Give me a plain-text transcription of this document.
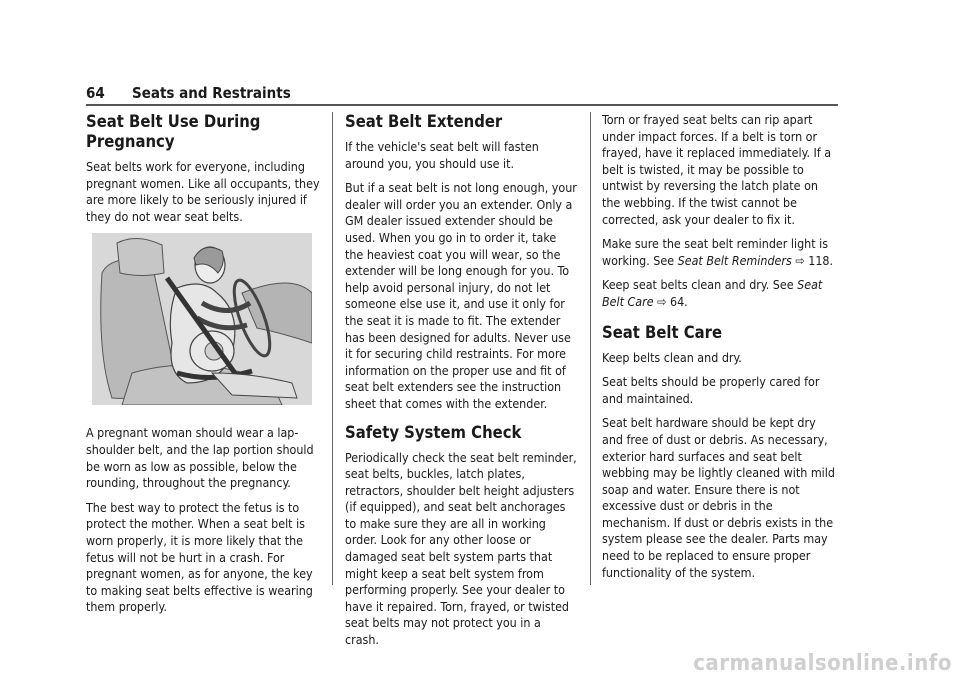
64 Seats and Restraints
Seat Belt Use During Pregnancy

Seat belts work for everyone, including pregnant women. Like all occupants, they are more likely to be seriously injured if they do not wear seat belts.

A pregnant woman should wear a lap-shoulder belt, and the lap portion should be worn as low as possible, below the rounding, throughout the pregnancy.

The best way to protect the fetus is to protect the mother. When a seat belt is worn properly, it is more likely that the fetus will not be hurt in a crash. For pregnant women, as for anyone, the key to making seat belts effective is wearing them properly.

Seat Belt Extender

If the vehicle's seat belt will fasten around you, you should use it.

But if a seat belt is not long enough, your dealer will order you an extender. Only a GM dealer issued extender should be used. When you go in to order it, take the heaviest coat you will wear, so the extender will be long enough for you. To help avoid personal injury, do not let someone else use it, and use it only for the seat it is made to fit. The extender has been designed for adults. Never use it for securing child restraints. For more information on the proper use and fit of seat belt extenders see the instruction sheet that comes with the extender.

Safety System Check

Periodically check the seat belt reminder, seat belts, buckles, latch plates, retractors, shoulder belt height adjusters (if equipped), and seat belt anchorages to make sure they are all in working order. Look for any other loose or damaged seat belt system parts that might keep a seat belt system from performing properly. See your dealer to have it repaired. Torn, frayed, or twisted seat belts may not protect you in a crash.

Torn or frayed seat belts can rip apart under impact forces. If a belt is torn or frayed, have it replaced immediately. If a belt is twisted, it may be possible to untwist by reversing the latch plate on the webbing. If the twist cannot be corrected, ask your dealer to fix it.

Make sure the seat belt reminder light is working. See Seat Belt Reminders ⇨ 118.

Keep seat belts clean and dry. See Seat Belt Care ⇨ 64.

Seat Belt Care

Keep belts clean and dry.

Seat belts should be properly cared for and maintained.

Seat belt hardware should be kept dry and free of dust or debris. As necessary, exterior hard surfaces and seat belt webbing may be lightly cleaned with mild soap and water. Ensure there is not excessive dust or debris in the mechanism. If dust or debris exists in the system please see the dealer. Parts may need to be replaced to ensure proper functionality of the system.

carmanualsonline.info
